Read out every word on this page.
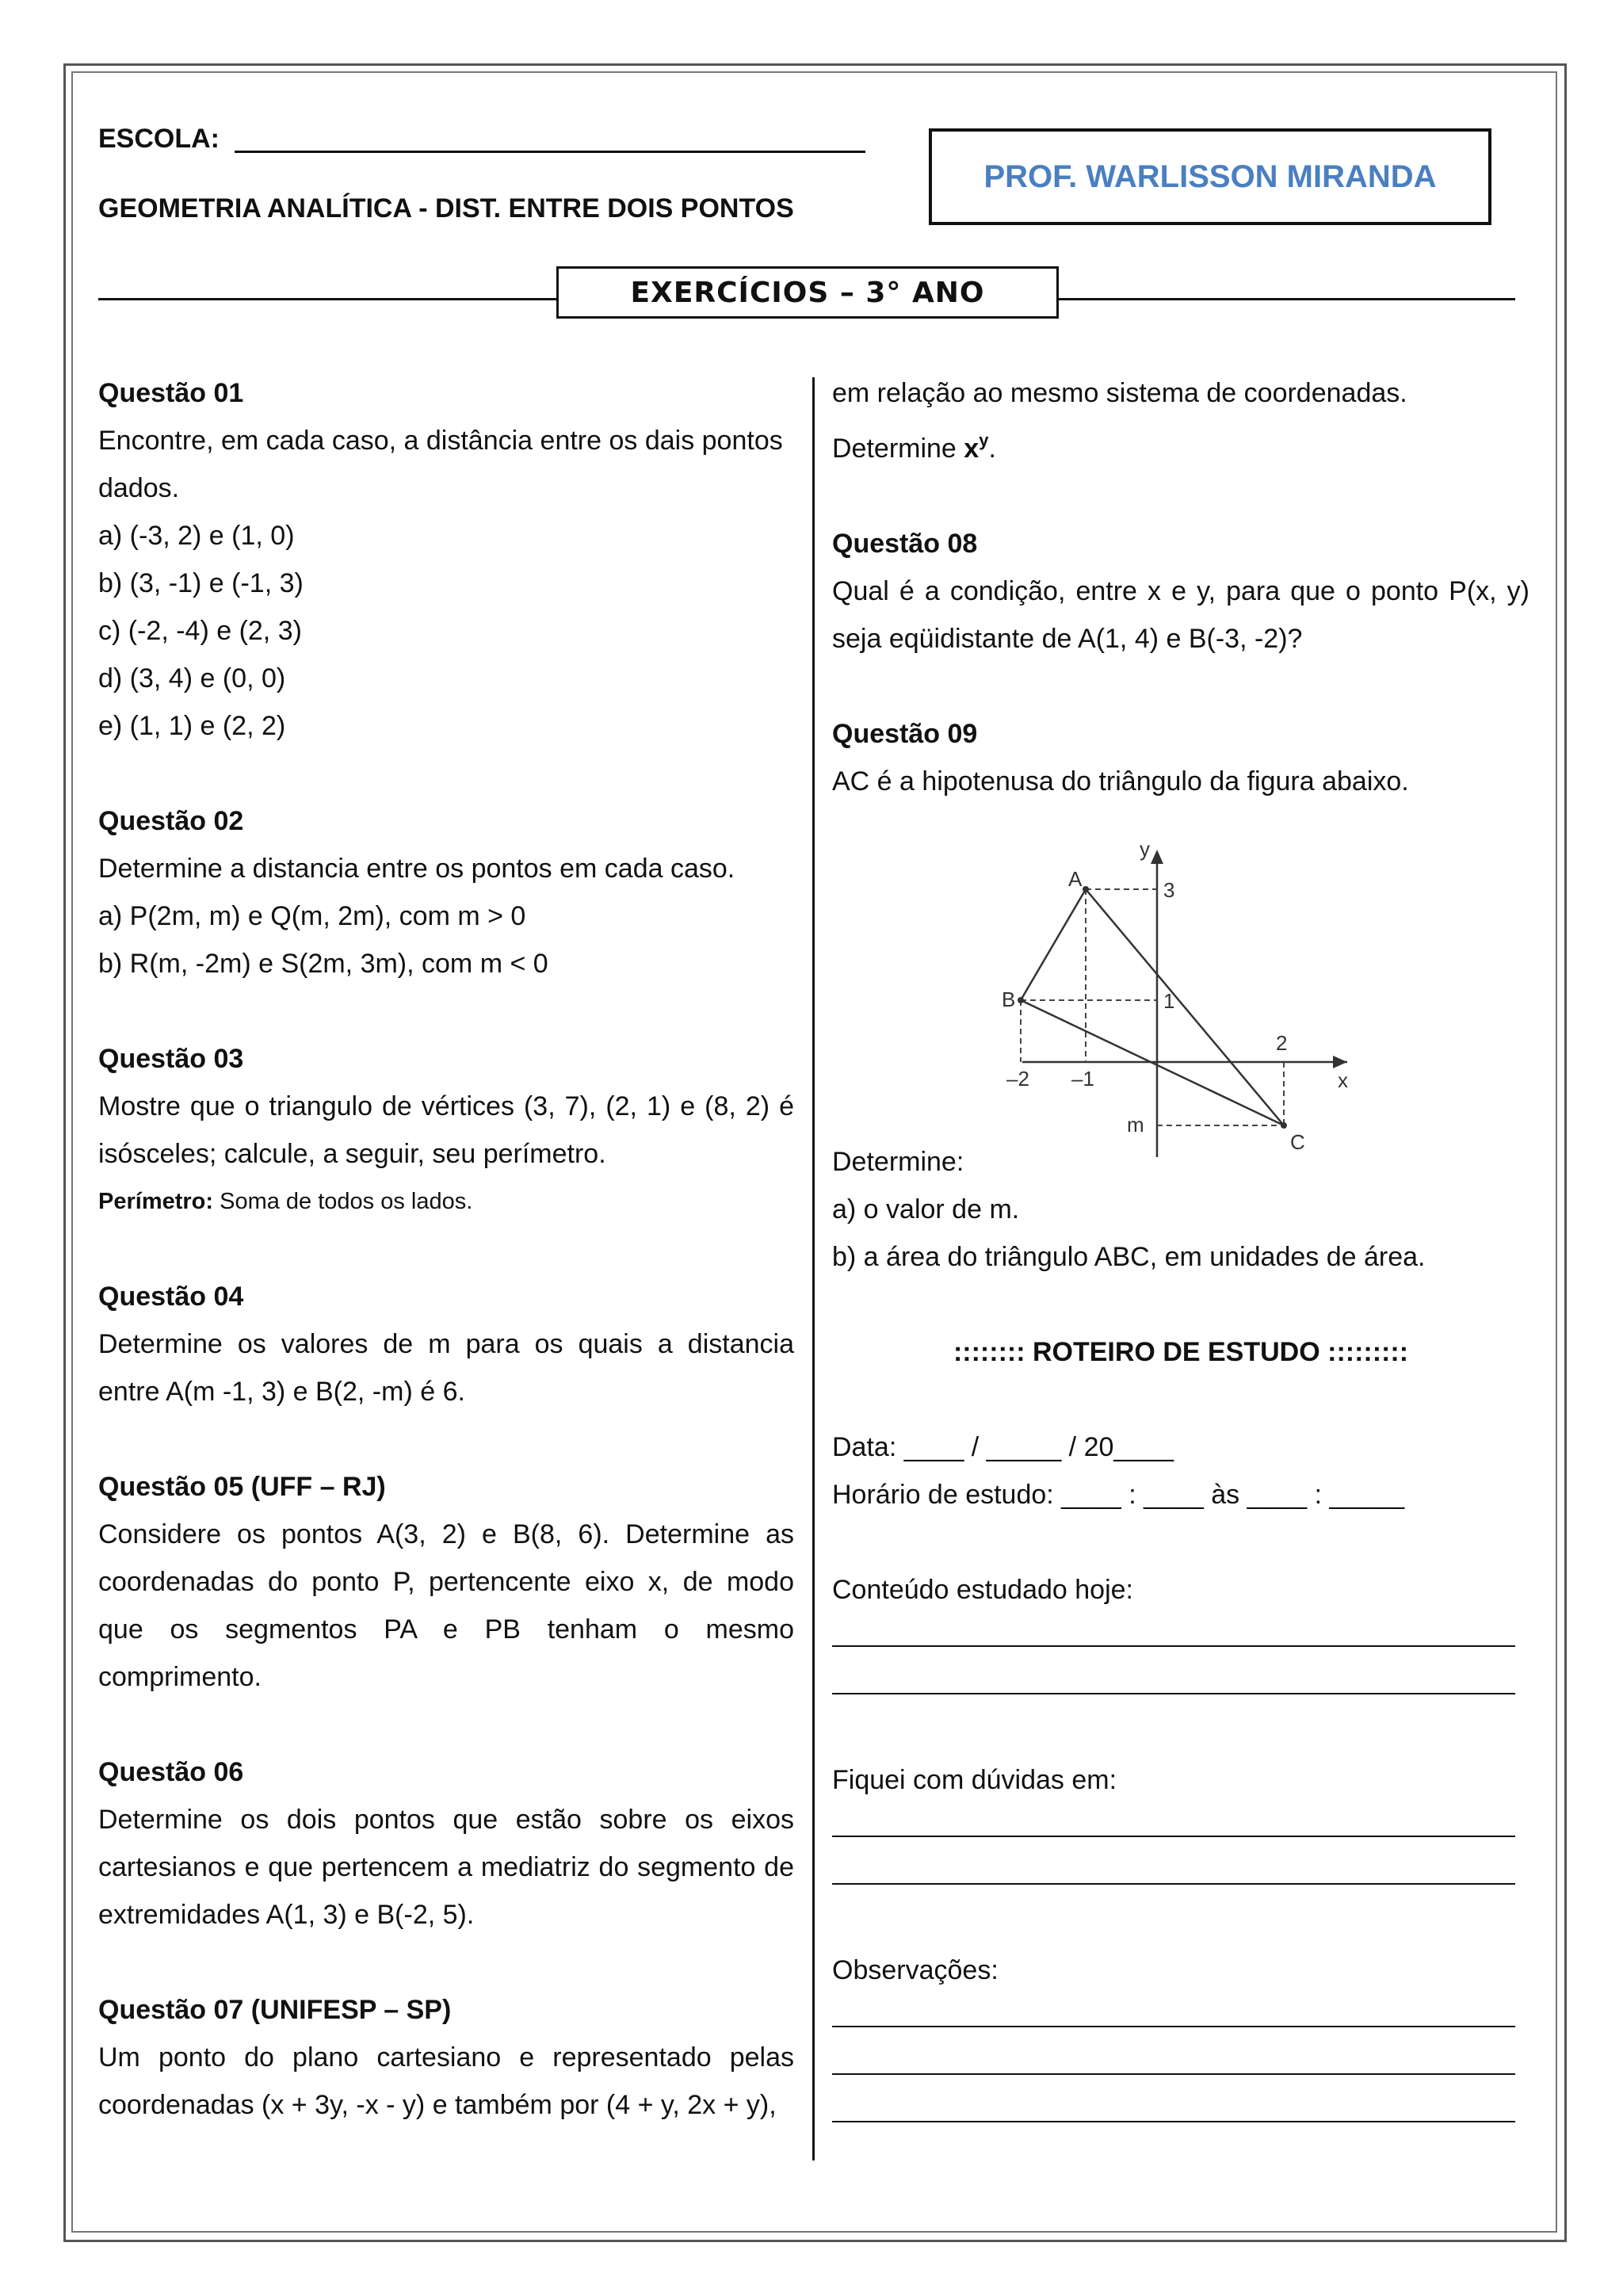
ESCOLA:
GEOMETRIA ANALÍTICA - DIST. ENTRE DOIS PONTOS
PROF. WARLISSON MIRANDA
EXERCÍCIOS – 3° ANO

Questão 01

Encontre, em cada caso, a distância entre os dais pontos dados.

a) (-3, 2) e (1, 0)

b) (3, -1) e (-1, 3)

c) (-2, -4) e (2, 3)

d) (3, 4) e (0, 0)

e) (1, 1) e (2, 2)

Questão 02

Determine a distancia entre os pontos em cada caso.

a) P(2m, m) e Q(m, 2m), com m > 0

b) R(m, -2m) e S(2m, 3m), com m < 0

Questão 03

Mostre que o triangulo de vértices (3, 7), (2, 1) e (8, 2) é isósceles; calcule, a seguir, seu perímetro.

Perímetro: Soma de todos os lados.

Questão 04

Determine os valores de m para os quais a distancia entre A(m -1, 3) e B(2, -m) é 6.

Questão 05 (UFF – RJ)

Considere os pontos A(3, 2) e B(8, 6). Determine as coordenadas do ponto P, pertencente eixo x, de modo que os segmentos PA e PB tenham o mesmo comprimento.

Questão 06

Determine os dois pontos que estão sobre os eixos cartesianos e que pertencem a mediatriz do segmento de extremidades A(1, 3) e B(-2, 5).

Questão 07 (UNIFESP – SP)

Um ponto do plano cartesiano e representado pelas coordenadas (x + 3y, -x - y) e também por (4 + y, 2x + y),

em relação ao mesmo sistema de coordenadas.

Determine $x^y$.

Questão 08

Qual é a condição, entre x e y, para que o ponto P(x, y) seja eqüidistante de A(1, 4) e B(-3, -2)?

Questão 09

AC é a hipotenusa do triângulo da figura abaixo.

Determine:

a) o valor de m.

b) a área do triângulo ABC, em unidades de área.

:::::::: ROTEIRO DE ESTUDO :::::::::

Data: ____ / _____ / 20____

Horário de estudo: ____ : ____ às ____ : _____

Conteúdo estudado hoje:

Fiquei com dúvidas em:

Observações:

A
B
C
x
y
3
1
2
–2 –1
m
